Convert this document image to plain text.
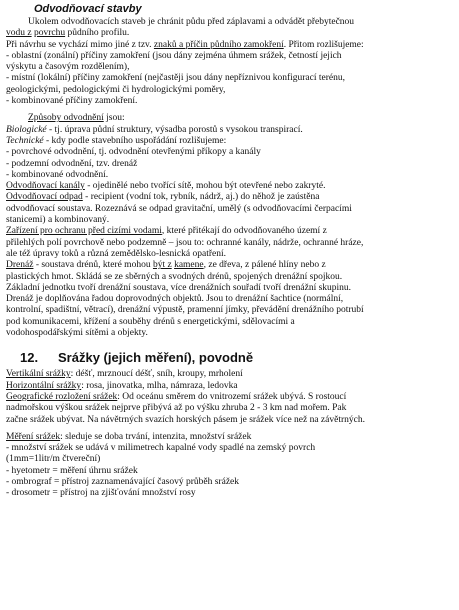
Odvodňovací stavby
Ukolem odvodňovacích staveb je chránit půdu před záplavami a odvádět přebytečnou
vodu z povrchu půdního profilu.
Při návrhu se vychází mimo jiné z tzv. znaků a příčin půdního zamokření. Přitom rozlišujeme:
- oblastní (zonální) příčiny zamokření (jsou dány zejména úhmem srážek, četností jejich
výskytu a časovým rozdělením),
- místní (lokální) příčiny zamokření (nejčastěji jsou dány nepříznivou konfigurací terénu,
geologickými, pedologickými či hydrologickými poměry,
- kombinované příčiny zamokření.
Způsoby odvodnění jsou:
Biologické - tj. úprava půdní struktury, výsadba porostů s vysokou transpirací.
Technické - kdy podle stavebního uspořádání rozlišujeme:
- povrchové odvodnění, tj. odvodnění otevřenými příkopy a kanály
- podzemní odvodnění, tzv. drenáž
- kombinované odvodnění.
Odvodňovací kanály - ojedinělé nebo tvořící sítě, mohou být otevřené nebo zakryté.
Odvodňovací odpad - recipient (vodní tok, rybník, nádrž, aj.) do něhož je zaústěna
odvodňovací soustava. Rozeznává se odpad gravitační, umělý (s odvodňovacími čerpacími
stanicemi) a kombinovaný.
Zařízení pro ochranu před cizími vodami, které přitékají do odvodňovaného území z
přilehlých polí povrchově nebo podzemně – jsou to: ochranné kanály, nádrže, ochranné hráze,
ale též úpravy toků a různá zemědělsko-lesnická opatření.
Drenáž - soustava drénů, které mohou být z kamene, ze dřeva, z pálené hlíny nebo z
plastických hmot. Skládá se ze sběrných a svodných drénů, spojených drenážní spojkou.
Základní jednotku tvoří drenážní soustava, více drenážních souřadí tvoří drenážní skupinu.
Drenáž je doplňována řadou doprovodných objektů. Jsou to drenážní šachtice (normální,
kontrolní, spadištní, větrací), drenážní výpustě, pramenní jímky, převádění drenážního potrubí
pod komunikacemi, křížení a souběhy drénů s energetickými, sdělovacími a
vodohospodářskými sítěmi a objekty.
12. Srážky (jejich měření), povodně
Vertikální srážky: déšť, mrznoucí déšť, sníh, kroupy, mrholení
Horizontální srážky: rosa, jinovatka, mlha, námraza, ledovka
Geografické rozložení srážek: Od oceánu směrem do vnitrozemí srážek ubývá. S rostoucí
nadmořskou výškou srážek nejprve přibývá až po výšku zhruba 2 - 3 km nad mořem. Pak
začne srážek ubývat. Na návětrných svazích horských pásem je srážek více než na závětrných.
Měření srážek: sleduje se doba trvání, intenzita, množství srážek
- množství srážek se udává v milimetrech kapalné vody spadlé na zemský povrch
(1mm=1litr/m čtvereční)
- hyetometr = měření úhrnu srážek
- ombrograf = přístroj zaznamenávající časový průběh srážek
- drosometr = přístroj na zjišťování množství rosy
